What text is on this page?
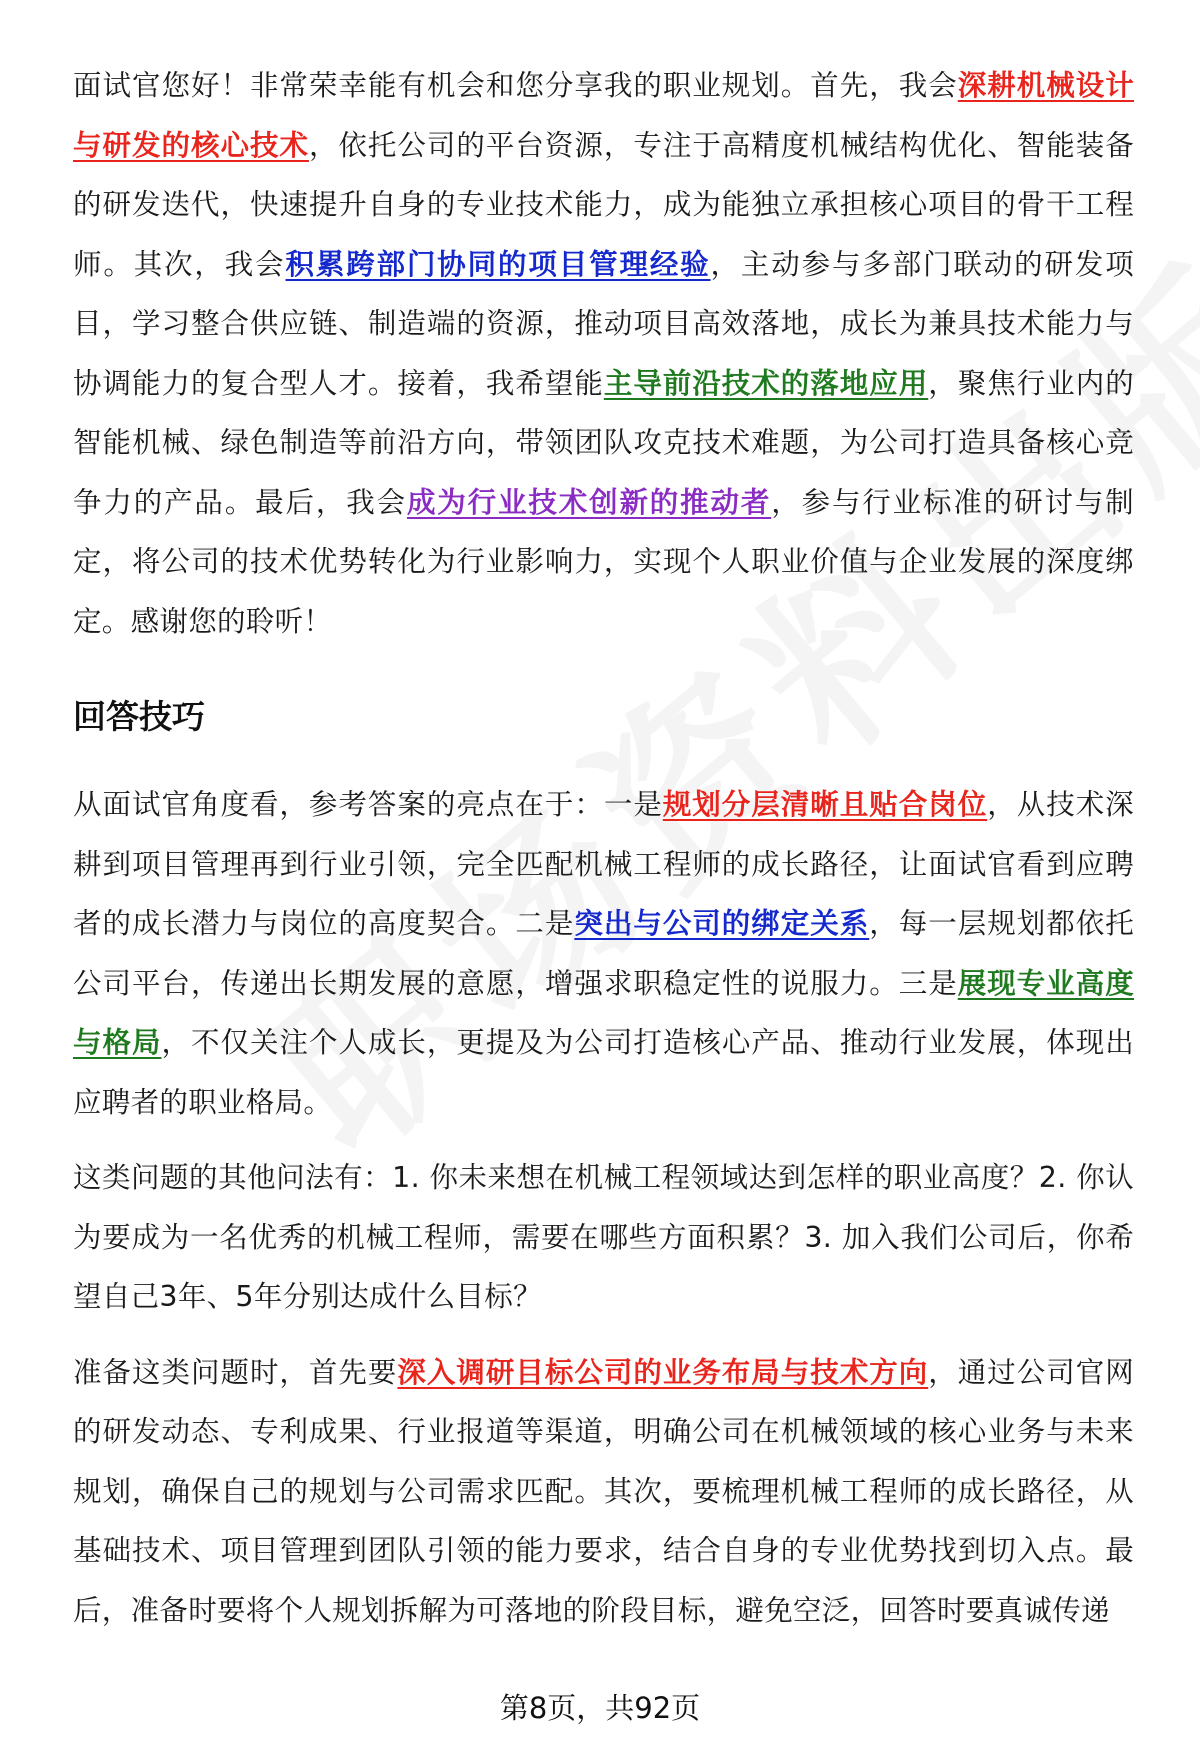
面试官您好！非常荣幸能有机会和您分享我的职业规划。首先，我会深耕机械设计与研发的核心技术，依托公司的平台资源，专注于高精度机械结构优化、智能装备的研发迭代，快速提升自身的专业技术能力，成为能独立承担核心项目的骨干工程师。其次，我会积累跨部门协同的项目管理经验，主动参与多部门联动的研发项目，学习整合供应链、制造端的资源，推动项目高效落地，成长为兼具技术能力与协调能力的复合型人才。接着，我希望能主导前沿技术的落地应用，聚焦行业内的智能机械、绿色制造等前沿方向，带领团队攻克技术难题，为公司打造具备核心竞争力的产品。最后，我会成为行业技术创新的推动者，参与行业标准的研讨与制定，将公司的技术优势转化为行业影响力，实现个人职业价值与企业发展的深度绑定。感谢您的聆听！

回答技巧

从面试官角度看，参考答案的亮点在于：一是规划分层清晰且贴合岗位，从技术深耕到项目管理再到行业引领，完全匹配机械工程师的成长路径，让面试官看到应聘者的成长潜力与岗位的高度契合。二是突出与公司的绑定关系，每一层规划都依托公司平台，传递出长期发展的意愿，增强求职稳定性的说服力。三是展现专业高度与格局，不仅关注个人成长，更提及为公司打造核心产品、推动行业发展，体现出应聘者的职业格局。

这类问题的其他问法有：1. 你未来想在机械工程领域达到怎样的职业高度？2. 你认为要成为一名优秀的机械工程师，需要在哪些方面积累？3. 加入我们公司后，你希望自己3年、5年分别达成什么目标？

准备这类问题时，首先要深入调研目标公司的业务布局与技术方向，通过公司官网的研发动态、专利成果、行业报道等渠道，明确公司在机械领域的核心业务与未来规划，确保自己的规划与公司需求匹配。其次，要梳理机械工程师的成长路径，从基础技术、项目管理到团队引领的能力要求，结合自身的专业优势找到切入点。最后，准备时要将个人规划拆解为可落地的阶段目标，避免空泛，回答时要真诚传递

第8页，共92页
